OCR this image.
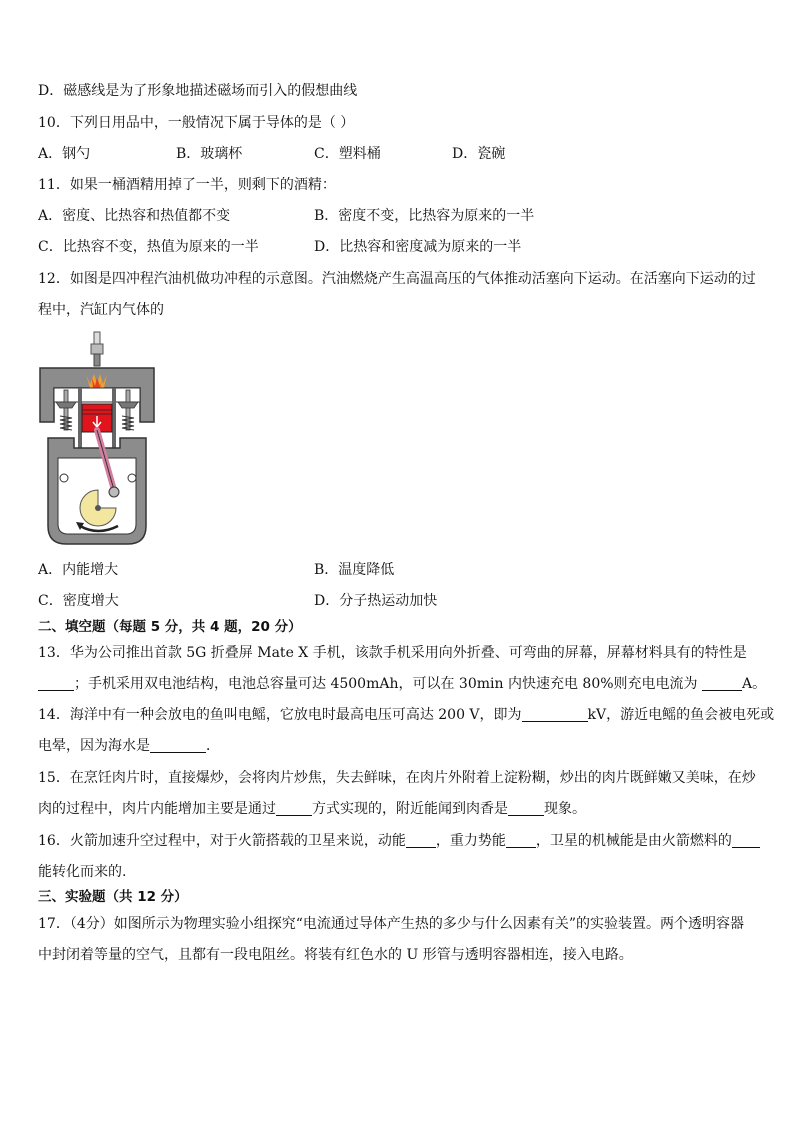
D．磁感线是为了形象地描述磁场而引入的假想曲线
10．下列日用品中，一般情况下属于导体的是（ ）
A．钢勺	B．玻璃杯	C．塑料桶	D．瓷碗
11．如果一桶酒精用掉了一半，则剩下的酒精：
A．密度、比热容和热值都不变	B．密度不变，比热容为原来的一半
C．比热容不变，热值为原来的一半	D．比热容和密度减为原来的一半
12．如图是四冲程汽油机做功冲程的示意图。汽油燃烧产生高温高压的气体推动活塞向下运动。在活塞向下运动的过
程中，汽缸内气体的
A．内能增大	B．温度降低
C．密度增大	D．分子热运动加快
二、填空题（每题 5 分，共 4 题，20 分）
13．华为公司推出首款 5G 折叠屏 Mate X 手机，该款手机采用向外折叠、可弯曲的屏幕，屏幕材料具有的特性是
；手机采用双电池结构，电池总容量可达 4500mAh，可以在 30min 内快速充电 80%则充电电流为	A。
14．海洋中有一种会放电的鱼叫电鳐，它放电时最高电压可高达 200 V，即为	kV，游近电鳐的鱼会被电死或
电晕，因为海水是	．
15．在烹饪肉片时，直接爆炒，会将肉片炒焦，失去鲜味，在肉片外附着上淀粉糊，炒出的肉片既鲜嫩又美味，在炒
肉的过程中，肉片内能增加主要是通过	方式实现的，附近能闻到肉香是	现象。
16．火箭加速升空过程中，对于火箭搭载的卫星来说，动能 ，重力势能 ，卫星的机械能是由火箭燃料的
能转化而来的.
三、实验题（共 12 分）
17．（4分）如图所示为物理实验小组探究“电流通过导体产生热的多少与什么因素有关”的实验装置。两个透明容器
中封闭着等量的空气，且都有一段电阻丝。将装有红色水的 U 形管与透明容器相连，接入电路。
